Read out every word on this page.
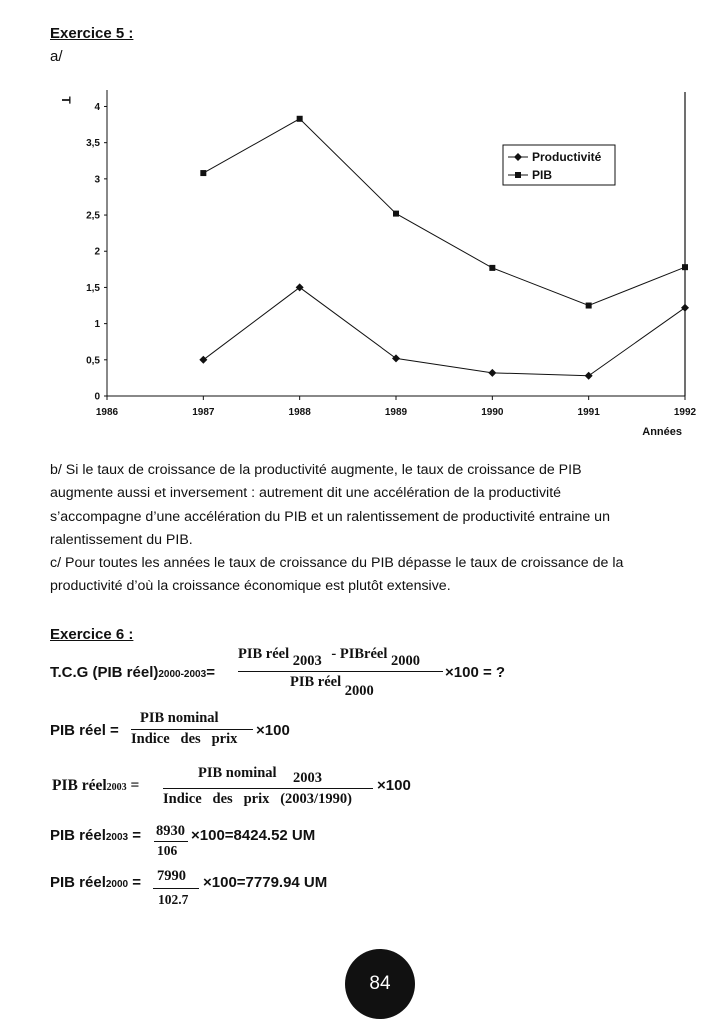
Exercice 5 :
a/
0
0,5
1
1,5
2
2,5
3
3,5
4
T
1986	1987	1988	1989	1990	1991	1992
Années
Productivité
PIB
b/ Si le taux de croissance de la productivité augmente, le taux de croissance de PIB
augmente aussi et inversement : autrement dit une accélération de la productivité
s’accompagne d’une accélération du PIB et un ralentissement de productivité entraine un
ralentissement du PIB.
c/ Pour toutes les années le taux de croissance du PIB dépasse le taux de croissance de la
productivité d’où la croissance économique est plutôt extensive.
Exercice 6 :
T.C.G (PIB réel)2000-2003=
PIB réel 2003 - PIBréel 2000
PIB réel 2000
×100 = ?
PIB réel =
PIB nominal
Indice   des   prix ×100
PIB réel2003 =
PIB nominal 2003
Indice   des   prix   (2003/1990)
×100
PIB réel2003 = 8930
106
×100=8424.52 UM
PIB réel2000 = 7990
102.7
×100=7779.94 UM
84
